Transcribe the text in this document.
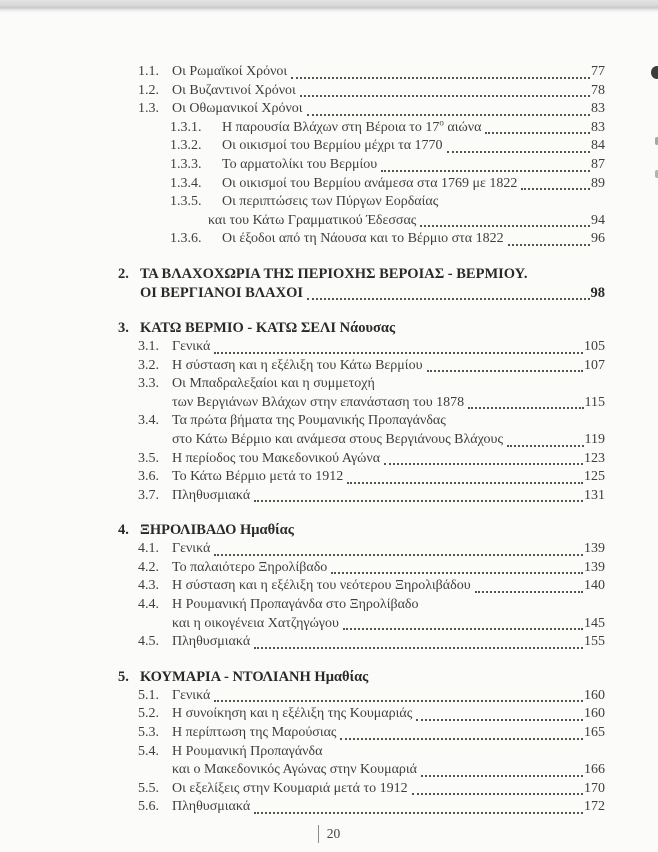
1.1. Οι Ρωμαϊκοί Χρόνοι	77
1.2. Οι Βυζαντινοί Χρόνοι	78
1.3. Οι Οθωμανικοί Χρόνοι	83
1.3.1.	Η παρουσία Βλάχων στη Βέροια το $17^o$ αιώνα	83
1.3.2.	Οι οικισμοί του Βερμίου μέχρι τα 1770	84
1.3.3.	Το αρματολίκι του Βερμίου	87
1.3.4.	Οι οικισμοί του Βερμίου ανάμεσα στα 1769 με 1822	89
1.3.5.	Οι περιπτώσεις των Πύργων Εορδαίας
και του Κάτω Γραμματικού Έδεσσας	94
1.3.6.	Οι έξοδοι από τη Νάουσα και το Βέρμιο στα 1822	96
2. ΤΑ ΒΛΑΧΟΧΩΡΙΑ ΤΗΣ ΠΕΡΙΟΧΗΣ ΒΕΡΟΙΑΣ - ΒΕΡΜΙΟΥ.
ΟΙ ΒΕΡΓΙΑΝΟΙ ΒΛΑΧΟΙ	98
3. ΚΑΤΩ ΒΕΡΜΙΟ - ΚΑΤΩ ΣΕΛΙ Νάουσας
3.1. Γενικά	105
3.2. Η σύσταση και η εξέλιξη του Κάτω Βερμίου	107
3.3. Οι Μπαδραλεξαίοι και η συμμετοχή
των Βεργιάνων Βλάχων στην επανάσταση του 1878	115
3.4. Τα πρώτα βήματα της Ρουμανικής Προπαγάνδας
στο Κάτω Βέρμιο και ανάμεσα στους Βεργιάνους Βλάχους	119
3.5. Η περίοδος του Μακεδονικού Αγώνα	123
3.6. Το Κάτω Βέρμιο μετά το 1912	125
3.7. Πληθυσμιακά	131
4. ΞΗΡΟΛΙΒΑΔΟ Ημαθίας
4.1. Γενικά	139
4.2. Το παλαιότερο Ξηρολίβαδο	139
4.3. Η σύσταση και η εξέλιξη του νεότερου Ξηρολιβάδου	140
4.4. Η Ρουμανική Προπαγάνδα στο Ξηρολίβαδο
και η οικογένεια Χατζηγώγου	145
4.5. Πληθυσμιακά	155
5. ΚΟΥΜΑΡΙΑ - ΝΤΟΛΙΑΝΗ Ημαθίας
5.1. Γενικά	160
5.2. Η συνοίκηση και η εξέλιξη της Κουμαριάς	160
5.3. Η περίπτωση της Μαρούσιας	165
5.4. Η Ρουμανική Προπαγάνδα
και ο Μακεδονικός Αγώνας στην Κουμαριά	166
5.5. Οι εξελίξεις στην Κουμαριά μετά το 1912	170
5.6. Πληθυσμιακά	172
20
